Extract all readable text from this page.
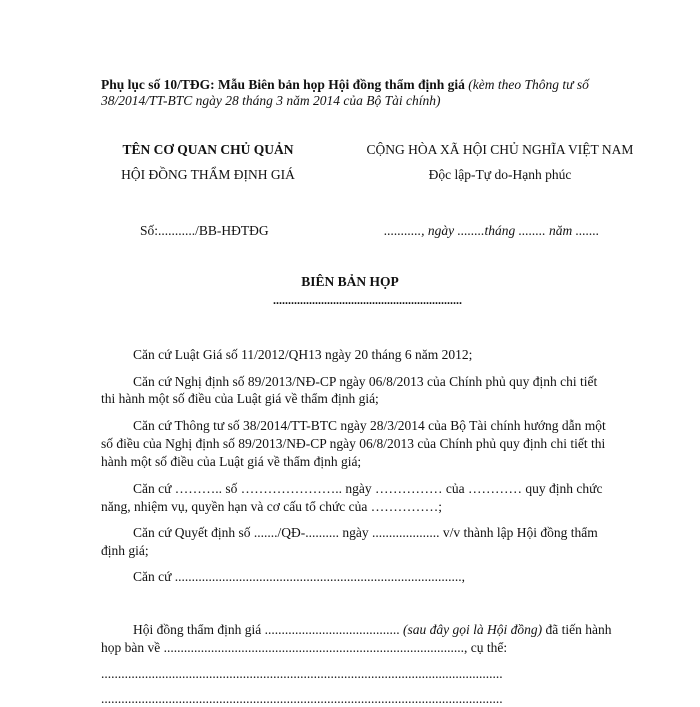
Phụ lục số 10/TĐG: Mẫu Biên bản họp Hội đồng thẩm định giá (kèm theo Thông tư số
38/2014/TT-BTC ngày 28 tháng 3 năm 2014 của Bộ Tài chính)
TÊN CƠ QUAN CHỦ QUẢN
HỘI ĐỒNG THẨM ĐỊNH GIÁ
CỘNG HÒA XÃ HỘI CHỦ NGHĨA VIỆT NAM
Độc lập-Tự do-Hạnh phúc
Số:.........../BB-HĐTĐG	..........., ngày ........tháng ........ năm .......
BIÊN BẢN HỌP
...............................................................
Căn cứ Luật Giá số 11/2012/QH13 ngày 20 tháng 6 năm 2012;
Căn cứ Nghị định số 89/2013/NĐ-CP ngày 06/8/2013 của Chính phủ quy định chi tiết
thi hành một số điều của Luật giá về thẩm định giá;
Căn cứ Thông tư số 38/2014/TT-BTC ngày 28/3/2014 của Bộ Tài chính hướng dẫn một
số điều của Nghị định số 89/2013/NĐ-CP ngày 06/8/2013 của Chính phủ quy định chi tiết thi
hành một số điều của Luật giá về thẩm định giá;
Căn cứ ……….. số ………………….. ngày …………… của ………… quy định chức
năng, nhiệm vụ, quyền hạn và cơ cấu tổ chức của ……………;
Căn cứ Quyết định số ......./QĐ-.......... ngày .................... v/v thành lập Hội đồng thẩm
định giá;
Căn cứ .....................................................................................,
Hội đồng thẩm định giá ........................................ (sau đây gọi là Hội đồng) đã tiến hành
họp bàn về ........................................................................................., cụ thể:
.......................................................................................................................
.......................................................................................................................
